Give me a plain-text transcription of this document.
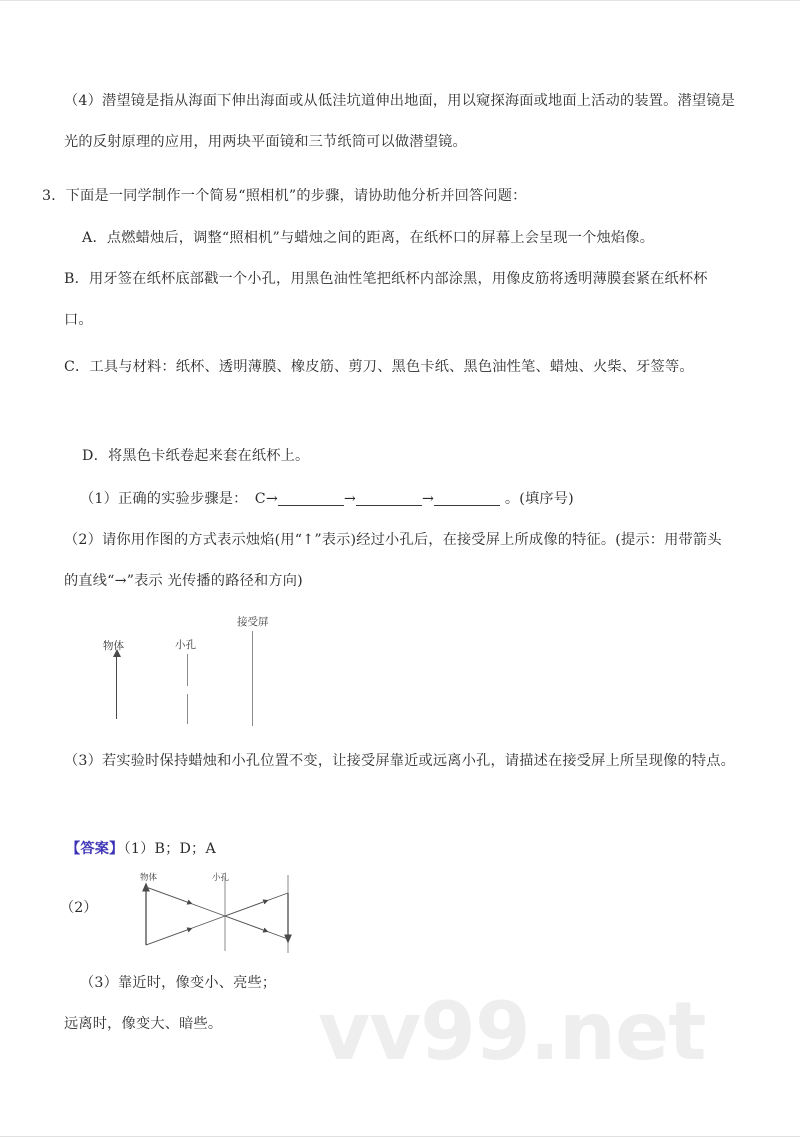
vv99.net
（4）潜望镜是指从海面下伸出海面或从低洼坑道伸出地面，用以窥探海面或地面上活动的装置。潜望镜是光的反射原理的应用，用两块平面镜和三节纸筒可以做潜望镜。
3．下面是一同学制作一个简易“照相机”的步骤，请协助他分析并回答问题：
A．点燃蜡烛后，调整“照相机”与蜡烛之间的距离，在纸杯口的屏幕上会呈现一个烛焰像。
B．用牙签在纸杯底部戳一个小孔，用黑色油性笔把纸杯内部涂黑，用像皮筋将透明薄膜套紧在纸杯杯口。
C．工具与材料：纸杯、透明薄膜、橡皮筋、剪刀、黑色卡纸、黑色油性笔、蜡烛、火柴、牙签等。
D．将黑色卡纸卷起来套在纸杯上。
（1）正确的实验步骤是：　C→	→	→	。(填序号)
（2）请你用作图的方式表示烛焰(用“↑”表示)经过小孔后，在接受屏上所成像的特征。(提示：用带箭头的直线“→”表示 光传播的路径和方向)
物体	小孔
接受屏
（3）若实验时保持蜡烛和小孔位置不变，让接受屏靠近或远离小孔，请描述在接受屏上所呈现像的特点。
【答案】（1）B；D；A
（2）
物体	小孔
（3）靠近时，像变小、亮些；
远离时，像变大、暗些。
